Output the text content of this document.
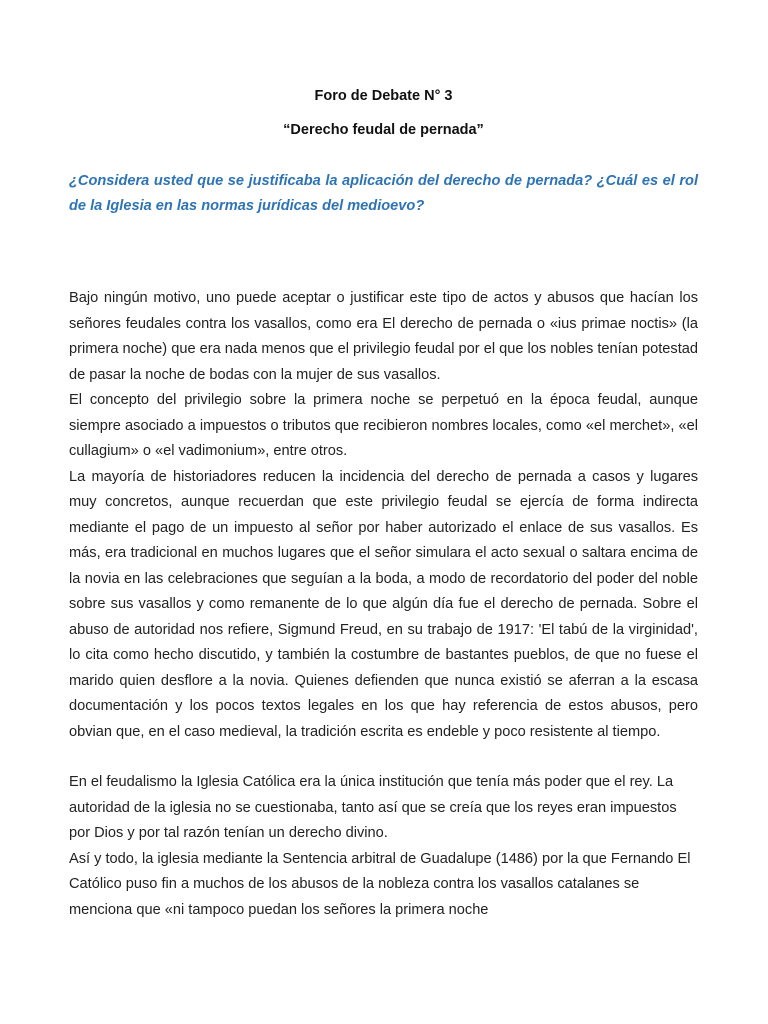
Foro de Debate N° 3
“Derecho feudal de pernada”
¿Considera usted que se justificaba la aplicación del derecho de pernada? ¿Cuál es el rol de la Iglesia en las normas jurídicas del medioevo?

Bajo ningún motivo, uno puede aceptar o justificar este tipo de actos y abusos que hacían los señores feudales contra los vasallos, como era El derecho de pernada o «ius primae noctis» (la primera noche) que era nada menos que el privilegio feudal por el que los nobles tenían potestad de pasar la noche de bodas con la mujer de sus vasallos.

El concepto del privilegio sobre la primera noche se perpetuó en la época feudal, aunque siempre asociado a impuestos o tributos que recibieron nombres locales, como «el merchet», «el cullagium» o «el vadimonium», entre otros.

La mayoría de historiadores reducen la incidencia del derecho de pernada a casos y lugares muy concretos, aunque recuerdan que este privilegio feudal se ejercía de forma indirecta mediante el pago de un impuesto al señor por haber autorizado el enlace de sus vasallos. Es más, era tradicional en muchos lugares que el señor simulara el acto sexual o saltara encima de la novia en las celebraciones que seguían a la boda, a modo de recordatorio del poder del noble sobre sus vasallos y como remanente de lo que algún día fue el derecho de pernada. Sobre el abuso de autoridad nos refiere, Sigmund Freud, en su trabajo de 1917: 'El tabú de la virginidad', lo cita como hecho discutido, y también la costumbre de bastantes pueblos, de que no fuese el marido quien desflore a la novia. Quienes defienden que nunca existió se aferran a la escasa documentación y los pocos textos legales en los que hay referencia de estos abusos, pero obvian que, en el caso medieval, la tradición escrita es endeble y poco resistente al tiempo.

En el feudalismo la Iglesia Católica era la única institución que tenía más poder que el rey. La autoridad de la iglesia no se cuestionaba, tanto así que se creía que los reyes eran impuestos por Dios y por tal razón tenían un derecho divino.

Así y todo, la iglesia mediante la Sentencia arbitral de Guadalupe (1486) por la que Fernando El Católico puso fin a muchos de los abusos de la nobleza contra los vasallos catalanes se menciona que «ni tampoco puedan los señores la primera noche
